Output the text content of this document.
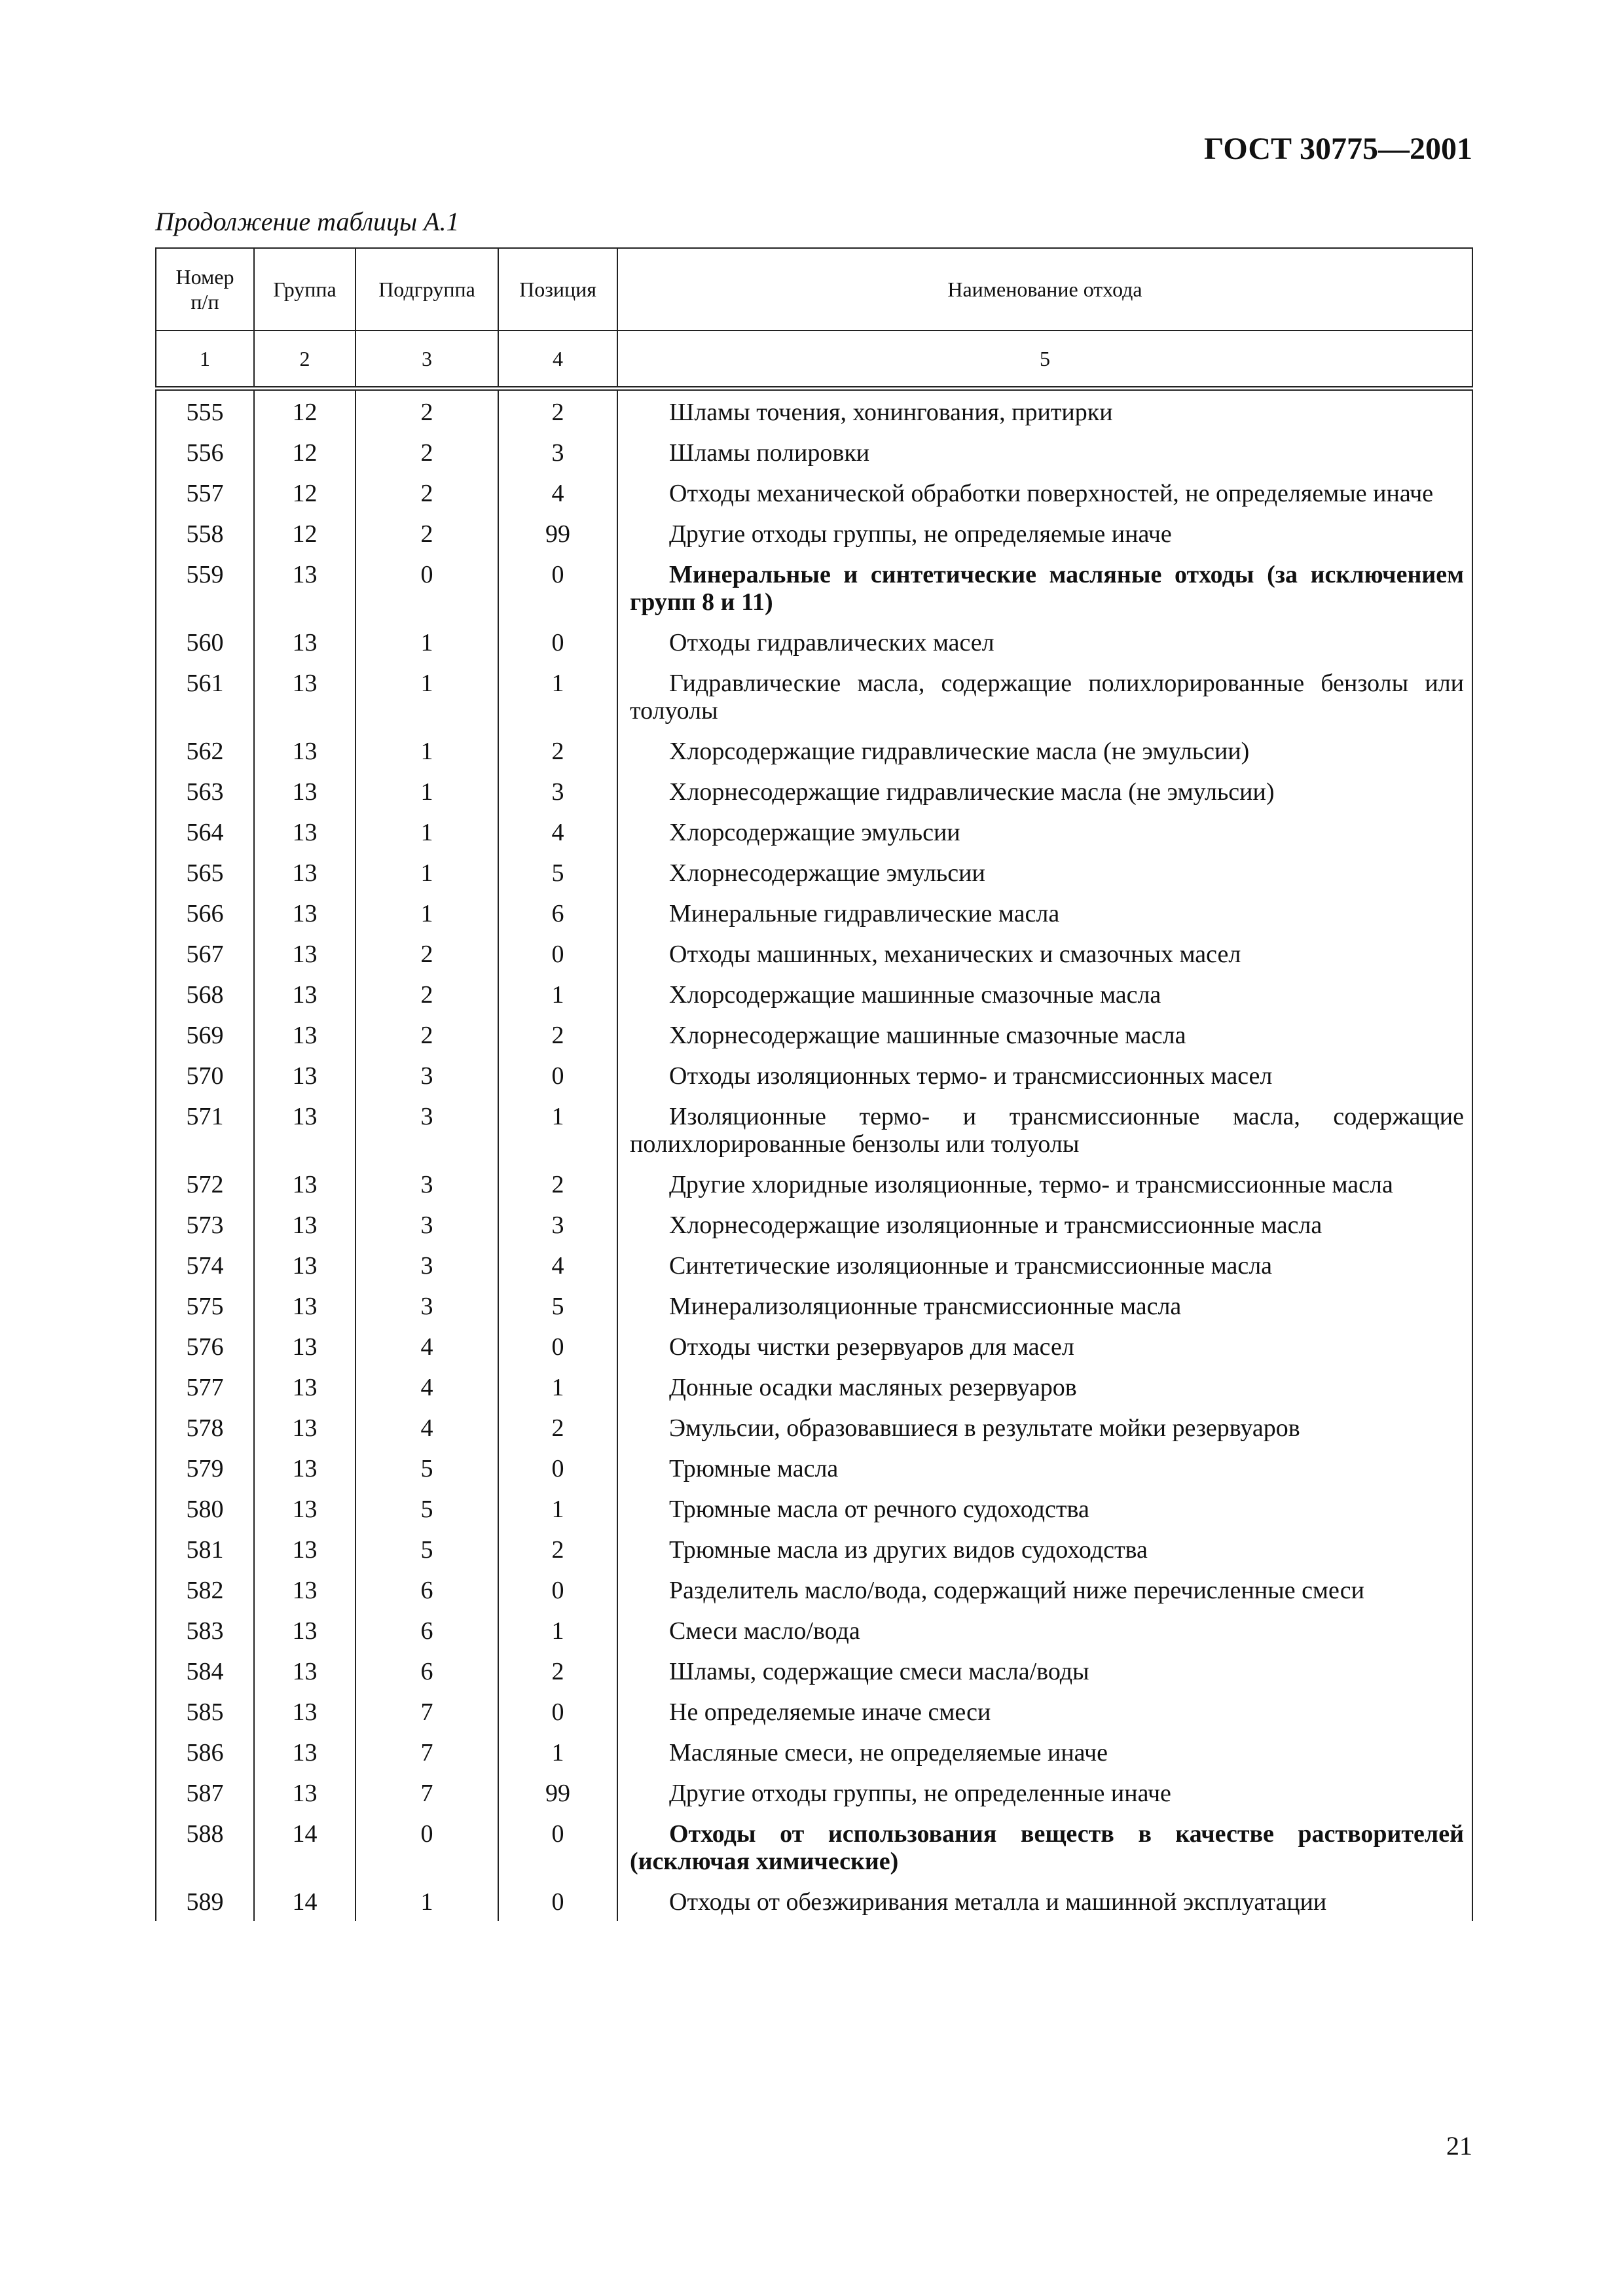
ГОСТ 30775—2001
Продолжение таблицы А.1
Номер п/п	Группа	Подгруппа	Позиция	Наименование отхода
1	2	3	4	5
555	12	2	2	Шламы точения, хонингования, притирки
556	12	2	3	Шламы полировки
557	12	2	4	Отходы механической обработки поверхностей, не определяемые иначе
558	12	2	99	Другие отходы группы, не определяемые иначе
559	13	0	0	Минеральные и синтетические масляные отходы (за исключением групп 8 и 11)
560	13	1	0	Отходы гидравлических масел
561	13	1	1	Гидравлические масла, содержащие полихлорированные бензолы или толуолы
562	13	1	2	Хлорсодержащие гидравлические масла (не эмульсии)
563	13	1	3	Хлорнесодержащие гидравлические масла (не эмульсии)
564	13	1	4	Хлорсодержащие эмульсии
565	13	1	5	Хлорнесодержащие эмульсии
566	13	1	6	Минеральные гидравлические масла
567	13	2	0	Отходы машинных, механических и смазочных масел
568	13	2	1	Хлорсодержащие машинные смазочные масла
569	13	2	2	Хлорнесодержащие машинные смазочные масла
570	13	3	0	Отходы изоляционных термо- и трансмиссионных масел
571	13	3	1	Изоляционные термо- и трансмиссионные масла, содержащие полихлорированные бензолы или толуолы
572	13	3	2	Другие хлоридные изоляционные, термо- и трансмиссионные масла
573	13	3	3	Хлорнесодержащие изоляционные и трансмиссионные масла
574	13	3	4	Синтетические изоляционные и трансмиссионные масла
575	13	3	5	Минерализоляционные трансмиссионные масла
576	13	4	0	Отходы чистки резервуаров для масел
577	13	4	1	Донные осадки масляных резервуаров
578	13	4	2	Эмульсии, образовавшиеся в результате мойки резервуаров
579	13	5	0	Трюмные масла
580	13	5	1	Трюмные масла от речного судоходства
581	13	5	2	Трюмные масла из других видов судоходства
582	13	6	0	Разделитель масло/вода, содержащий ниже перечисленные смеси
583	13	6	1	Смеси масло/вода
584	13	6	2	Шламы, содержащие смеси масла/воды
585	13	7	0	Не определяемые иначе смеси
586	13	7	1	Масляные смеси, не определяемые иначе
587	13	7	99	Другие отходы группы, не определенные иначе
588	14	0	0	Отходы от использования веществ в качестве растворителей (исключая химические)
589	14	1	0	Отходы от обезжиривания металла и машинной эксплуатации
21
